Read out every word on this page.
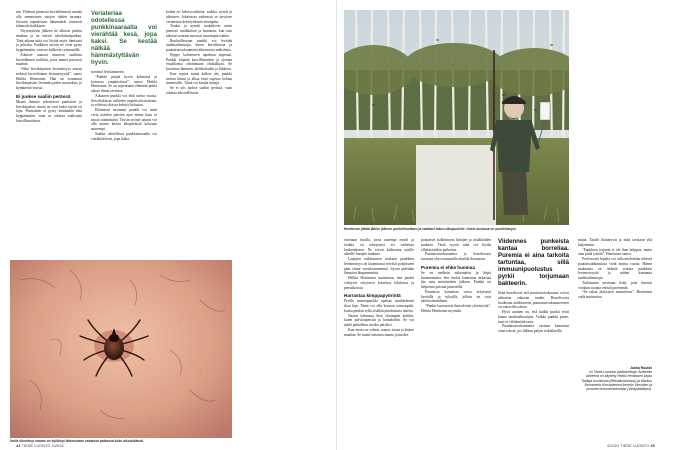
nin. Yhdessä pienessä hirvieläimessä saattaa olla semmoinen satojen täiden tartunta. Joissain tapauksissa lukumäärät nousevat tuhansiin kaikkiaan.

Täytymyksen jälkeen ne alkavat pudota maahan ja ne etsivät talvehtimispaikan. Tänä aikana niitä voi löytää myös ihmisistä ja pihoilta. Punkkien tavoin ne eivät pysty hyppäämään, vaan ne kulkevat ryömimällä.

Aikuiset naaraat munivat saaliinsa hirvieläimen turkkiin, josta munat putoavat maahan.

“Siksi hirvikärpäsen levinneisyys seuraa tarkasti hirvieläinten levinneisyyttä”, sanoo Heikki Henttonen. Hän on seurannut hirvikärpästen levinneisyyden muutoksia jo kymmeniä vuosia.

Ei juokse saaliin perässä

Monet ihmiset sekoittavat puutiaiset ja hirvikärpäset, mutta ne ovat kaksi täysin eri lajia. Puutiainen ei pysty lentämään eikä hyppäämään, vaan se odottaa saalistaan kasvillisuudessa.

Veriateriaa odotellessa punkkinaaraalta voi vierähtää kesä, jopa kaksi. Se kestää nälkää hämmästyttävän hyvin.

sieninsä levittämiseen.

“Punkki pärjää hyvin kylmässä ja kuivassa ympäristössä”, sanoo Heikki Henttonen. Se on sopeutunut elämään pitkiä aikoja ilman ravintoa.

Aikuinen punkki voi elää useita vuosia. Sen elinkierto vaihtelee ympäristön mukaan, ja viileissä oloissa kehitys hidastuu.

Eläimessä tarrannut punkki voi imeä verta useiden päivien ajan ennen kuin se irtoaa isännästään. Täysin syönyt naaras voi olla monta kertaa alkuperäistä kokoaan suurempi.

Saaliin odotellessa punkkinaaraalla voi vierähtää kesä, jopa kaksi.

kolme eri kehitysvaihetta: toukka, nymfi ja aikuinen. Jokaisessa vaiheessa se tarvitsee veriaterian kehittyäkseen eteenpäin.

Toukat ja nymfit ruokailevat usein pienissä nisäkkäissä ja linnuissa, kun taas aikuiset naaraat suosivat suurempia isäntiä.

Ruokaillessaan punkki voi levittää taudinaiheuttajia, kuten borrelioosia ja puutiaisaivokuumetta aiheuttavia mikrobeja.

Hyppy kohteeseen tapahtuu nopeasti. Punkki kiipeää kasvillisuuteen ja ojentaa etujalkansa odottamaan ohikulkijaa. Se havaitsee lämmön, hiilidioksidin ja liikkeen.

Kun sopiva isäntä kulkee ohi, punkki tarttuu kiinni ja alkaa etsiä sopivaa kohtaa imemiselle. Tämä voi kestää tunteja.

Se ei siis juokse saaliin perässä, vaan odottaa kärsivällisesti.

Iholle kiinnitnyt naaras on kylläinyt täiseuutaan samassa paikassa koko aikuisikänsä.
44 TIEDE LUONTO 4/2024
Henttonen jättää jälkiin jälkeen punkkihuuttaen ja raaittaei takon ulkopuolelle. Usein kuvassa on punkkikarysi.

esitetaan tavalla, jossa uusempi nymfi ja toukka on tekeytynyt eri vaiheissa kosketukseen. Ne voivat kulkeutua uusille alueille lintujen mukana.

Laajojen tutkimusten mukaan punkkien levinneisyys on laajentunut selvästi pohjoiseen päin viime vuosikymmeninä. Syynä pidetään ilmaston lämpenemistä.

Heikki Henttonen muistuttaa, että punkit viihtyvät erityisesti kosteissa lehdoissa ja pensaikoissa.

Harrastaa kimppapyörintä

Perillä maastopunkki opettaa imukärkensä ihon läpi. Tämä voi olla kivuton toimenpide, koska punkin sylki sisältää puuduttavia aineita.

Naaras hakeutuu ihon ohuimpiin kohtiin, kuten polvitaipeisiin ja kainaloihin. Se voi jäädä paikalleen useiksi päiviksi.

Kun ateria on valmis, naaras irtoaa ja laskee maahan. Se munii tuhansia munia ja kuolee.

puutiaiset kulkeutuvat lintujen ja nisäkkäiden mukana. Tästä syystä niitä voi löytää yllättävistäkin paikoista.

Puutiaisaivokuumetta ja borrelioosia tavataan yhä useammilla alueilla Suomessa.

Puremia ei ehkä huomaa

Se on melkein näkymätön ja hiipii huomaamatta. Sen vuoksi kannattaa tarkastaa iho aina metsäretken jälkeen. Punkki on helpointa poistaa pinseteillä.

Puutiaisia kannattaa varoa erityisesti keväällä ja syksyllä, jolloin ne ovat aktiivisimmillaan.

“Punkit harrastavat ilmiselvästi yhteistyötä”, Heikki Henttonen myöntää.

Viidennes punkeista kantaa borreliaa. Puremia ei aina tarkoita tartuntaa, sillä immuunipuolustus pyrkii torjumaan bakteerin.

Sekä borrelioosi että puutiaisaivokuume voivat aiheuttaa vakavan taudin. Borrelioosia hoidetaan antibiootein, puutiaisaivokuumeeseen on saatavilla rokote.

Hyvä uutinen on, että kaikki punkit eivät kanna taudinaiheuttajia. Vaikka punkki puree, tauti ei välttämättä tartu.

Puutiaisaivokuumetta vastaan kannattaa ottaa rokote, jos liikkuu paljon riskialueilla.

mutta. Taudit lisääntyvät ja niitä tavataan yhä laajemmin.

“Punkkien torjunta ei ole ihan helppoa, mutta aina pitää yrittää”, Henttonen sanoo.

Professorin lopulta voi tulla mielestään tekeviä puutiaistutkimuksia vielä monta vuotta. Hänen mukaansa on tärkeää seurata punkkien levinneisyyttä ja niiden kantamia taudinaiheuttajia.

Tutkimusta tarvitaan lisää, jotta ihmisiä voidaan suojata entistä paremmin.

“Se takaa aktiivisen muutoksen”, Henttonen vielä muistuttaa.

Jukka Ruukki
on Tiede-Luonnon päätoimittaja. Artikkelin lähteenä on käytetty Heikki Henttosen kirjaa Tautiga tuomioista (Metsäkustannus) ja Markus Brummerin Korvasienien keseän Vinvalten ja proseien tuomarihistoriaan (Vihapäädäyes).
4/2024 TIEDE LUONTO 45
